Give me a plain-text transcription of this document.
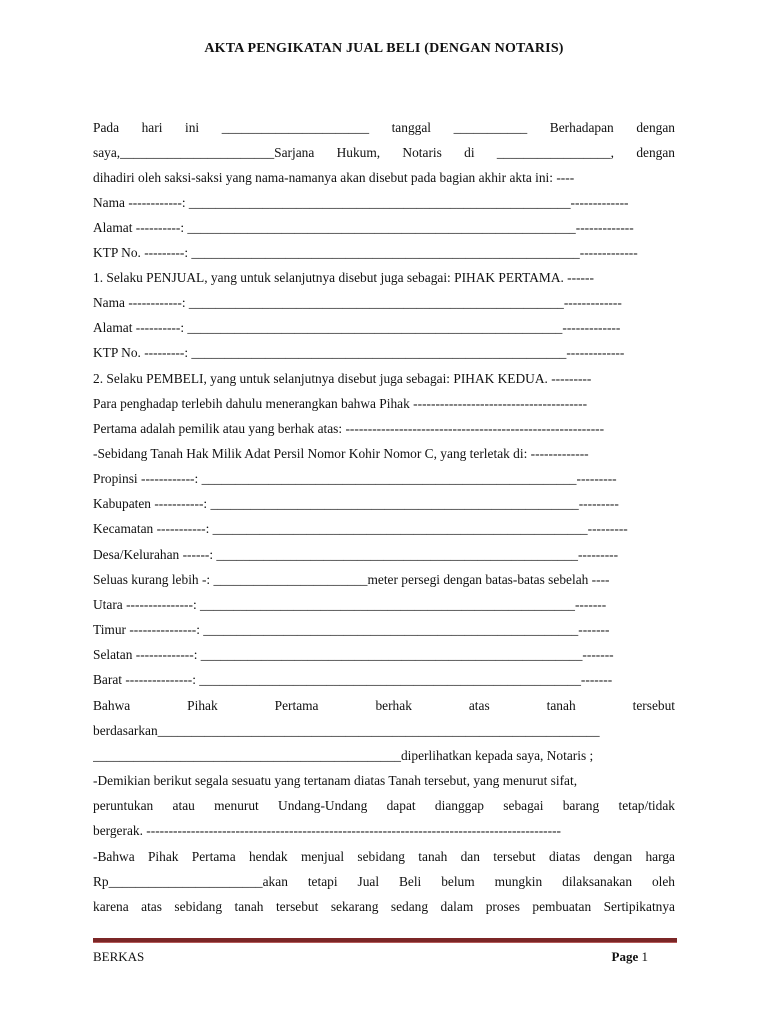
AKTA PENGIKATAN JUAL BELI (DENGAN NOTARIS)
Pada hari ini ______________________ tanggal ___________ Berhadapan dengan
saya,_______________________Sarjana Hukum, Notaris di _________________, dengan
dihadiri oleh saksi-saksi yang nama-namanya akan disebut pada bagian akhir akta ini: ----
Nama ------------: _________________________________________________________-------------
Alamat ----------: __________________________________________________________-------------
KTP No. ---------: __________________________________________________________-------------
1. Selaku PENJUAL, yang untuk selanjutnya disebut juga sebagai: PIHAK PERTAMA. ------
Nama ------------: ________________________________________________________-------------
Alamat ----------: ________________________________________________________-------------
KTP No. ---------: ________________________________________________________-------------
2. Selaku PEMBELI, yang untuk selanjutnya disebut juga sebagai: PIHAK KEDUA. ---------
Para penghadap terlebih dahulu menerangkan bahwa Pihak ---------------------------------------
Pertama adalah pemilik atau yang berhak atas: ----------------------------------------------------------
-Sebidang Tanah Hak Milik Adat Persil Nomor Kohir Nomor C, yang terletak di: -------------
Propinsi ------------: ________________________________________________________---------
Kabupaten -----------: _______________________________________________________---------
Kecamatan -----------: ________________________________________________________---------
Desa/Kelurahan ------: ______________________________________________________---------
Seluas kurang lebih -: _______________________meter persegi dengan batas-batas sebelah ----
Utara ---------------: ________________________________________________________-------
Timur ---------------: ________________________________________________________-------
Selatan -------------: _________________________________________________________-------
Barat ---------------: _________________________________________________________-------
Bahwa Pihak Pertama berhak atas tanah tersebut
berdasarkan__________________________________________________________________
______________________________________________diperlihatkan kepada saya, Notaris ;
-Demikian berikut segala sesuatu yang tertanam diatas Tanah tersebut, yang menurut sifat,
peruntukan atau menurut Undang-Undang dapat dianggap sebagai barang tetap/tidak
bergerak. ---------------------------------------------------------------------------------------------
-Bahwa Pihak Pertama hendak menjual sebidang tanah dan tersebut diatas dengan harga
Rp_______________________akan tetapi Jual Beli belum mungkin dilaksanakan oleh
karena atas sebidang tanah tersebut sekarang sedang dalam proses pembuatan Sertipikatnya
BERKAS	Page 1
